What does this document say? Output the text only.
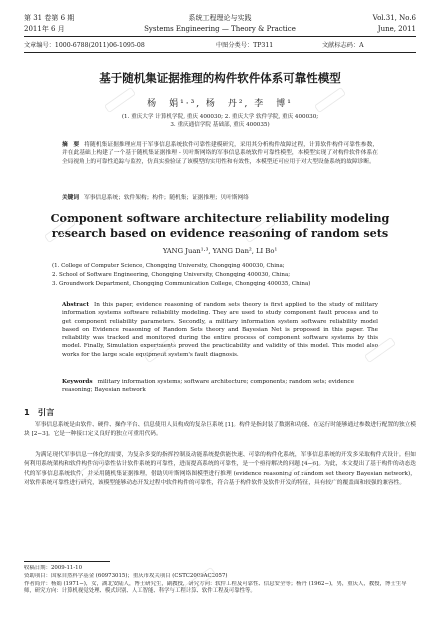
第 31 卷第 6 期	系统工程理论与实践	Vol.31, No.6
2011年 6 月	Systems Engineering — Theory & Practice	June, 2011
文章编号：1000-6788(2011)06-1095-08	中图分类号：TP311	文献标志码：A
基于随机集证据推理的构件软件体系可靠性模型
杨　娟¹·³, 杨　丹², 李　博¹
(1. 重庆大学 计算机学院, 重庆 400030; 2. 重庆大学 软件学院, 重庆 400030;
3. 重庆通信学院 基础部, 重庆 400035)
摘　要 将随机集证据推理应用于军事信息系统软件可靠性建模研究，采用其分析构件故障过程，计算软件构件可靠性参数，并在此基础上构建了一个基于随机集证据推理 - 贝叶斯网络的军事信息系统软件可靠性模型，本模型实现了对构件软件体系在全局视角上的可靠性追踪与监控，仿真实验验证了该模型的实用性和有效性，本模型还可应用于对大型设备系统的故障诊断。
关键词 军事信息系统；软件架构；构件；随机集；证据推理；贝叶斯网络
Component software architecture reliability modeling research based on evidence reasoning of random sets
YANG Juan¹·³, YANG Dan², LI Bo¹
(1. College of Computer Science, Chongqing University, Chongqing 400030, China;
2. School of Software Engineering, Chongqing University, Chongqing 400030, China;
3. Groundwork Department, Chongqing Communication College, Chongqing 400035, China)
Abstract In this paper, evidence reasoning of random sets theory is first applied to the study of military information systems software reliability modeling. They are used to study component fault process and to get component reliability parameters. Secondly, a military information system software reliability model based on Evidence reasoning of Random Sets theory and Bayesian Net is proposed in this paper. The reliability was tracked and monitored during the entire process of component software systems by this model. Finally, Simulation experiments proved the practicability and validity of this model. This model also works for the large scale equipment system's fault diagnosis.
Keywords military information systems; software architecture; components; random sets; evidence reasoning; Bayesian network
1　引言
军事信息系统是由软件、硬件、操作平台、信息使用人员构成的复杂巨系统 [1]。构件是指封装了数据和功能、在运行时能够通过参数进行配置的独立模块 [2−3]。它是一种接口定义良好的独立可重用代码。
为满足现代军事信息一体化的需要，为复杂多变的指挥控制及动能系统提供能快速、可靠的构件化系统，军事信息系统的开发多采取构件式设计。但如何利用系统架构和软件构件的可靠性估计软件系统的可靠性，进而提高系统的可靠性，是一个亟待解决的问题 [4−6]。为此，本文提出了基于构件的动态迭代的军事信息系统软件，并采用随机集证据推理，借助贝叶斯网络图模型进行推理 (evidence reasoning of random set theory Bayesian network)，对软件系统可靠性进行研究，该模型能够动态开发过程中软件构件的可靠性，符合基于构件软件及软件开发的特征，具有较广的覆盖面和较强的兼容性。
收稿日期：2009-11-10
资助项目：国家自然科学基金 (60973015)；重庆市攻关项目 (CSTC2009AC2057)
作者简介：杨娟 (1971−)，女，湖北安陆人，博士研究生，副教授，研究方向：软件工程及可靠性、信息安全等；杨丹 (1962−)，男，重庆人，教授，博士生导师，研究方向：计算机视觉处理、模式识别、人工智能、科学与工程计算、软件工程及可靠性等。
